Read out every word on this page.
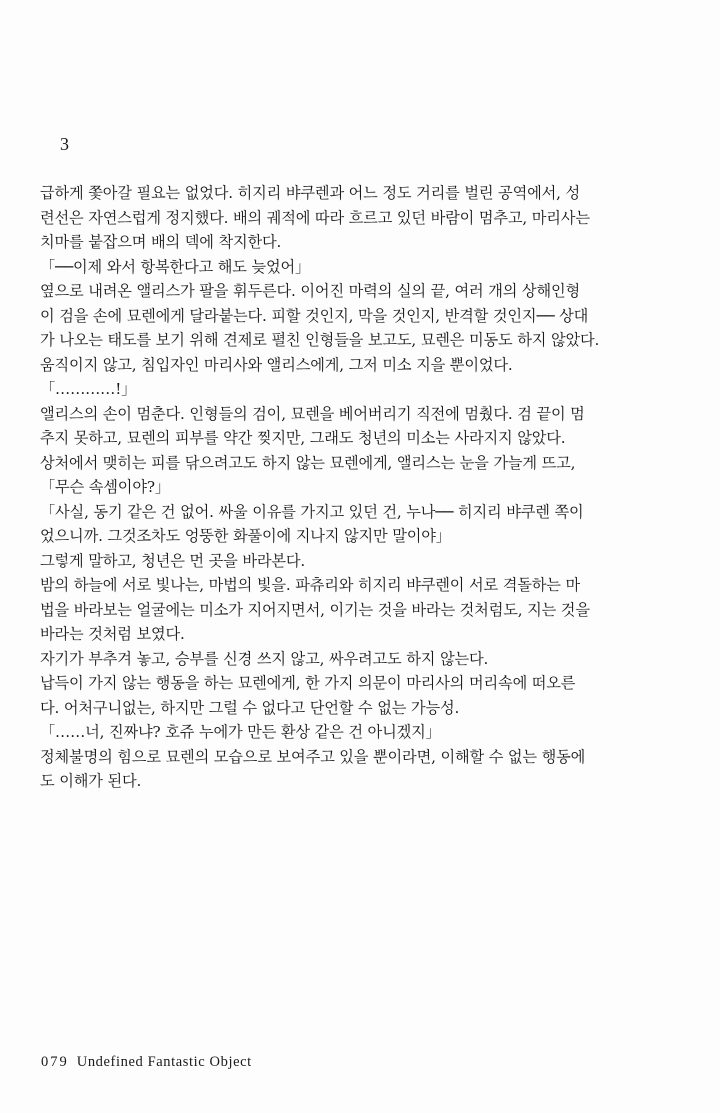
3
급하게 쫓아갈 필요는 없었다. 히지리 뱌쿠렌과 어느 정도 거리를 벌린 공역에서, 성
련선은 자연스럽게 정지했다. 배의 궤적에 따라 흐르고 있던 바람이 멈추고, 마리사는
치마를 붙잡으며 배의 덱에 착지한다.
「──이제 와서 항복한다고 해도 늦었어」
옆으로 내려온 앨리스가 팔을 휘두른다. 이어진 마력의 실의 끝, 여러 개의 상해인형
이 검을 손에 묘렌에게 달라붙는다. 피할 것인지, 막을 것인지, 반격할 것인지── 상대
가 나오는 태도를 보기 위해 견제로 펼친 인형들을 보고도, 묘렌은 미동도 하지 않았다.
움직이지 않고, 침입자인 마리사와 앨리스에게, 그저 미소 지을 뿐이었다.
「…………!」
앨리스의 손이 멈춘다. 인형들의 검이, 묘렌을 베어버리기 직전에 멈췄다. 검 끝이 멈
추지 못하고, 묘렌의 피부를 약간 찢지만, 그래도 청년의 미소는 사라지지 않았다.
상처에서 맺히는 피를 닦으려고도 하지 않는 묘렌에게, 앨리스는 눈을 가늘게 뜨고,
「무슨 속셈이야?」
「사실, 동기 같은 건 없어. 싸울 이유를 가지고 있던 건, 누나── 히지리 뱌쿠렌 쪽이
었으니까. 그것조차도 엉뚱한 화풀이에 지나지 않지만 말이야」
그렇게 말하고, 청년은 먼 곳을 바라본다.
밤의 하늘에 서로 빛나는, 마법의 빛을. 파츄리와 히지리 뱌쿠렌이 서로 격돌하는 마
법을 바라보는 얼굴에는 미소가 지어지면서, 이기는 것을 바라는 것처럼도, 지는 것을
바라는 것처럼 보였다.
자기가 부추겨 놓고, 승부를 신경 쓰지 않고, 싸우려고도 하지 않는다.
납득이 가지 않는 행동을 하는 묘렌에게, 한 가지 의문이 마리사의 머리속에 떠오른
다. 어처구니없는, 하지만 그럴 수 없다고 단언할 수 없는 가능성.
「……너, 진짜냐? 호쥬 누에가 만든 환상 같은 건 아니겠지」
정체불명의 힘으로 묘렌의 모습으로 보여주고 있을 뿐이라면, 이해할 수 없는 행동에
도 이해가 된다.
079 Undefined Fantastic Object
